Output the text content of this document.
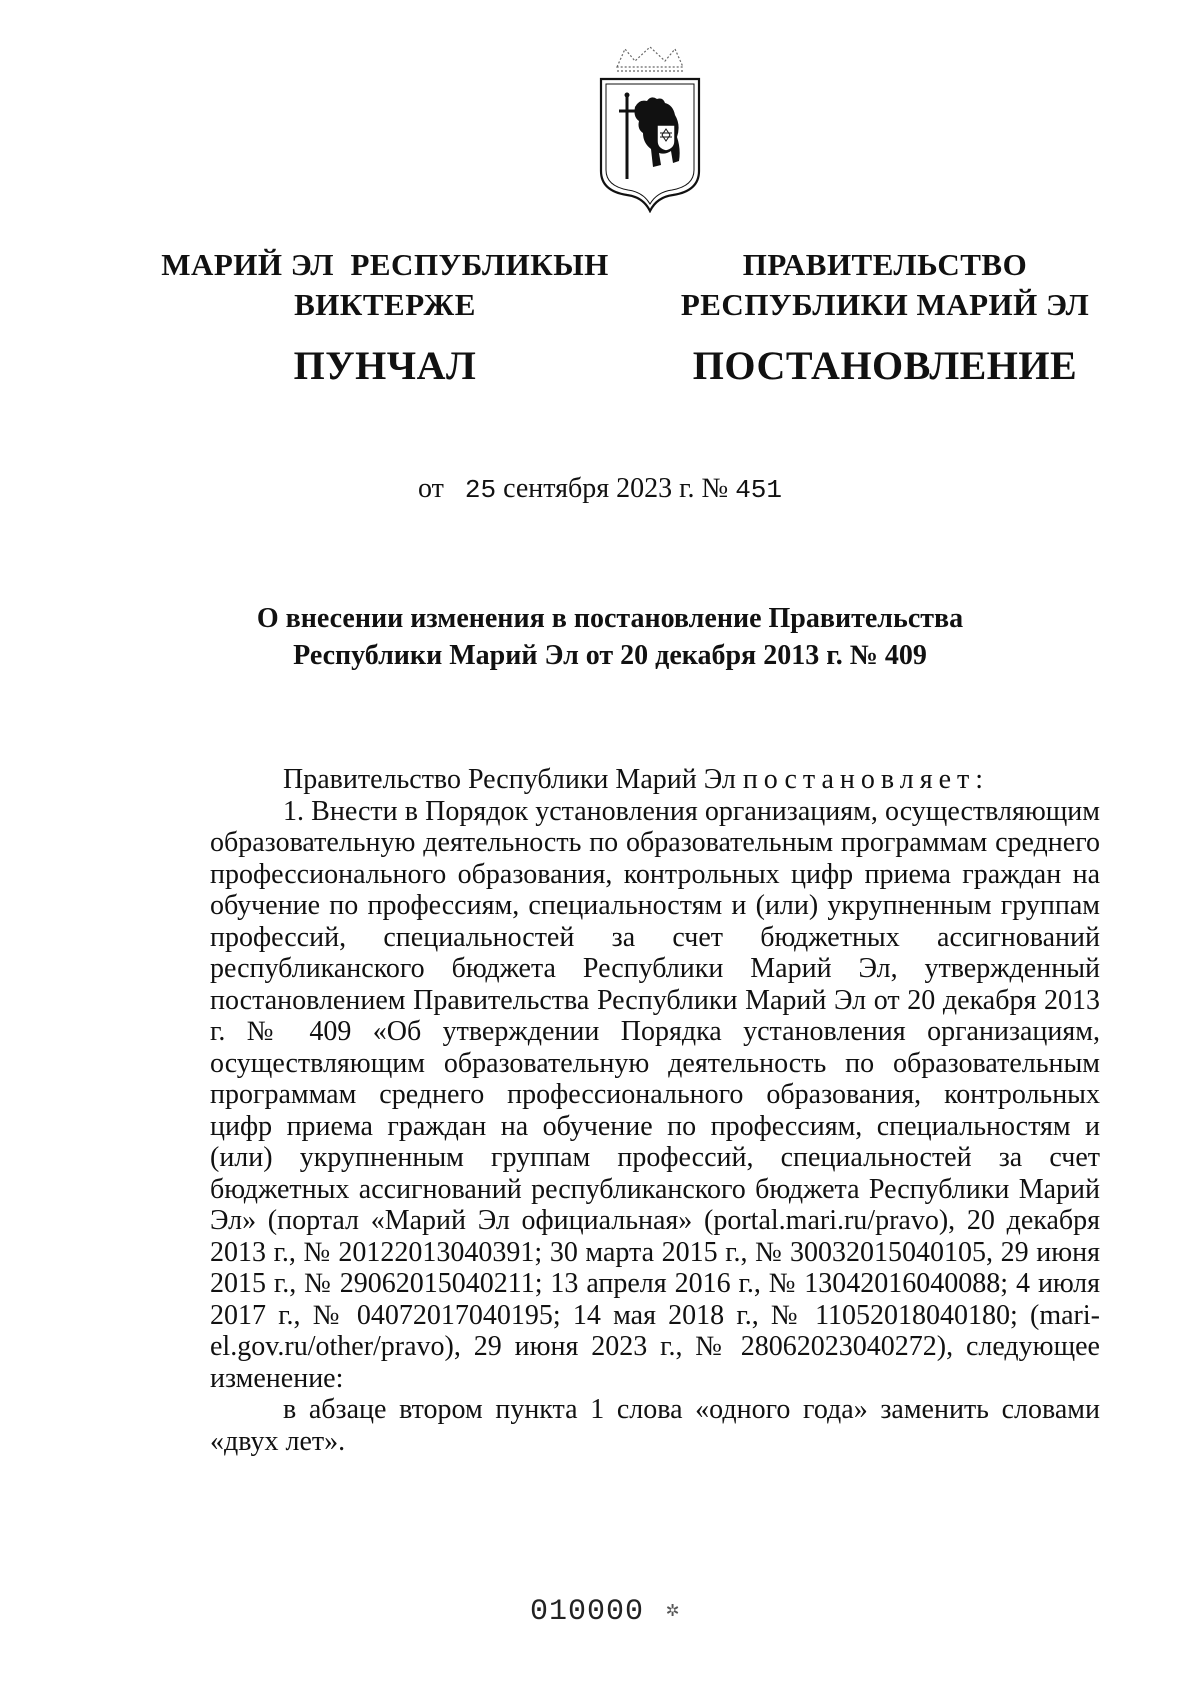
МАРИЙ ЭЛ  РЕСПУБЛИКЫН
ВИКТЕРЖЕ
ПУНЧАЛ
ПРАВИТЕЛЬСТВО
РЕСПУБЛИКИ МАРИЙ ЭЛ
ПОСТАНОВЛЕНИЕ
от 25 сентября 2023 г. № 451
О внесении изменения в постановление Правительства
Республики Марий Эл от 20 декабря 2013 г. № 409

Правительство Республики Марий Эл постановляет:

1. Внести в Порядок установления организациям, осуществляющим образовательную деятельность по образовательным программам среднего профессионального образования, контрольных цифр приема граждан на обучение по профессиям, специальностям и (или) укрупненным группам профессий, специальностей за счет бюджетных ассигнований республиканского бюджета Республики Марий Эл, утвержденный постановлением Правительства Республики Марий Эл от 20 декабря 2013 г. № 409 «Об утверждении Порядка установления организациям, осуществляющим образовательную деятельность по образовательным программам среднего профессионального образования, контрольных цифр приема граждан на обучение по профессиям, специальностям и (или) укрупненным группам профессий, специальностей за счет бюджетных ассигнований республиканского бюджета Республики Марий Эл» (портал «Марий Эл официальная» (portal.mari.ru/pravo), 20 декабря 2013 г., № 20122013040391; 30 марта 2015 г., № 30032015040105, 29 июня 2015 г., № 29062015040211; 13 апреля 2016 г., № 13042016040088; 4 июля 2017 г., № 04072017040195; 14 мая 2018 г., № 11052018040180; (mari-el.gov.ru/other/pravo), 29 июня 2023 г., № 28062023040272), следующее изменение:

в абзаце втором пункта 1 слова «одного года» заменить словами «двух лет».

010000 ✲
